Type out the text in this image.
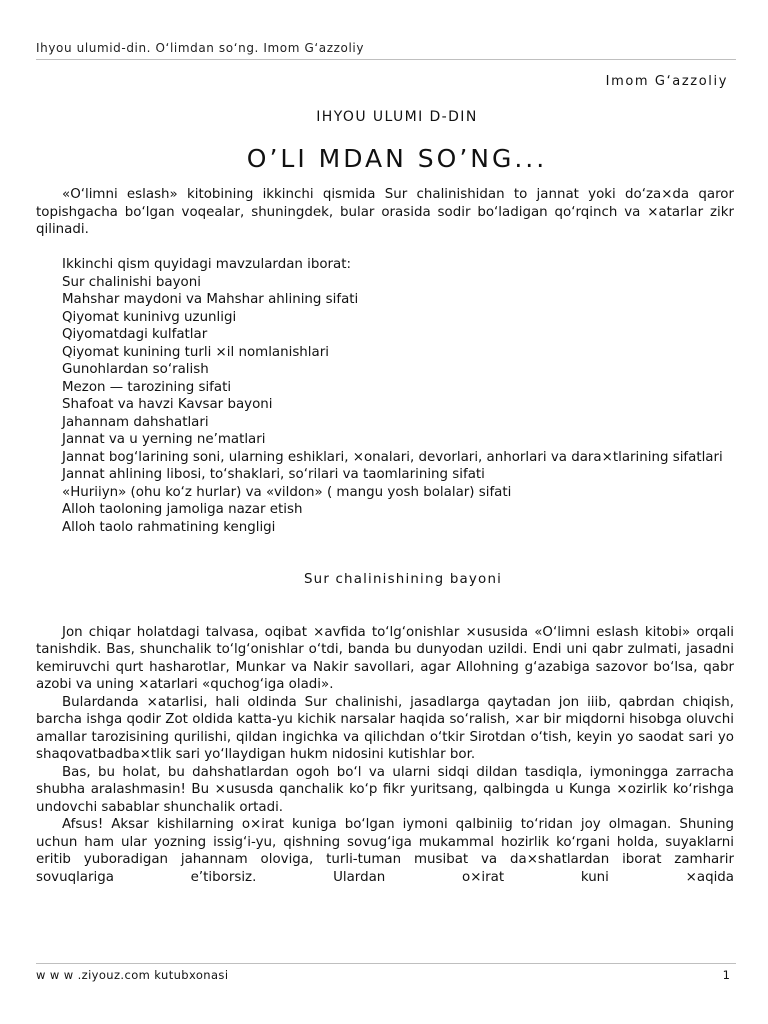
Ihyou ulumid-din. O‘limdan so‘ng. Imom G‘azzoliy
Imom G‘azzoliy
IHYOU ULUMI D-DIN
O’LI MDAN SO’NG...

«O‘limni eslash» kitobining ikkinchi qismida Sur chalinishidan to jannat yoki do‘za×da qaror topishgacha bo‘lgan voqealar, shuningdek, bular orasida sodir bo‘ladigan qo‘rqinch va ×atarlar zikr qilinadi.

Ikkinchi qism quyidagi mavzulardan iborat:

Sur chalinishi bayoni
Mahshar maydoni va Mahshar ahlining sifati
Qiyomat kuninivg uzunligi
Qiyomatdagi kulfatlar
Qiyomat kunining turli ×il nomlanishlari
Gunohlardan so‘ralish
Mezon — tarozining sifati
Shafoat va havzi Kavsar bayoni
Jahannam dahshatlari
Jannat va u yerning ne’matlari
Jannat bog‘larining soni, ularning eshiklari, ×onalari, devorlari, anhorlari va dara×tlarining sifatlari
Jannat ahlining libosi, to‘shaklari, so‘rilari va taomlarining sifati
«Huriiyn» (ohu ko‘z hurlar) va «vildon» ( mangu yosh bolalar) sifati
Alloh taoloning jamoliga nazar etish
Alloh taolo rahmatining kengligi
Sur chalinishining bayoni

Jon chiqar holatdagi talvasa, oqibat ×avfida to‘lg‘onishlar ×ususida «O‘limni eslash kitobi» orqali tanishdik. Bas, shunchalik to‘lg‘onishlar o‘tdi, banda bu dunyodan uzildi. Endi uni qabr zulmati, jasadni kemiruvchi qurt hasharotlar, Munkar va Nakir savollari, agar Allohning g‘azabiga sazovor bo‘lsa, qabr azobi va uning ×atarlari «quchog‘iga oladi».

Bulardanda ×atarlisi, hali oldinda Sur chalinishi, jasadlarga qaytadan jon iiib, qabrdan chiqish, barcha ishga qodir Zot oldida katta-yu kichik narsalar haqida so‘ralish, ×ar bir miqdorni hisobga oluvchi amallar tarozisining qurilishi, qildan ingichka va qilichdan o‘tkir Sirotdan o‘tish, keyin yo saodat sari yo shaqovatbadba×tlik sari yo‘llaydigan hukm nidosini kutishlar bor.

Bas, bu holat, bu dahshatlardan ogoh bo‘l va ularni sidqi dildan tasdiqla, iymoningga zarracha shubha aralashmasin! Bu ×ususda qanchalik ko‘p fikr yuritsang, qalbingda u Kunga ×ozirlik ko‘rishga undovchi sabablar shunchalik ortadi.

Afsus! Aksar kishilarning o×irat kuniga bo‘lgan iymoni qalbiniig to‘ridan joy olmagan. Shuning uchun ham ular yozning issig‘i-yu, qishning sovug‘iga mukammal hozirlik ko‘rgani holda, suyaklarni eritib yuboradigan jahannam oloviga, turli-tuman musibat va da×shatlardan iborat zamharir sovuqlariga e’tiborsiz. Ulardan o×irat kuni ×aqida

w w w .ziyouz.com kutubxonasi	1
